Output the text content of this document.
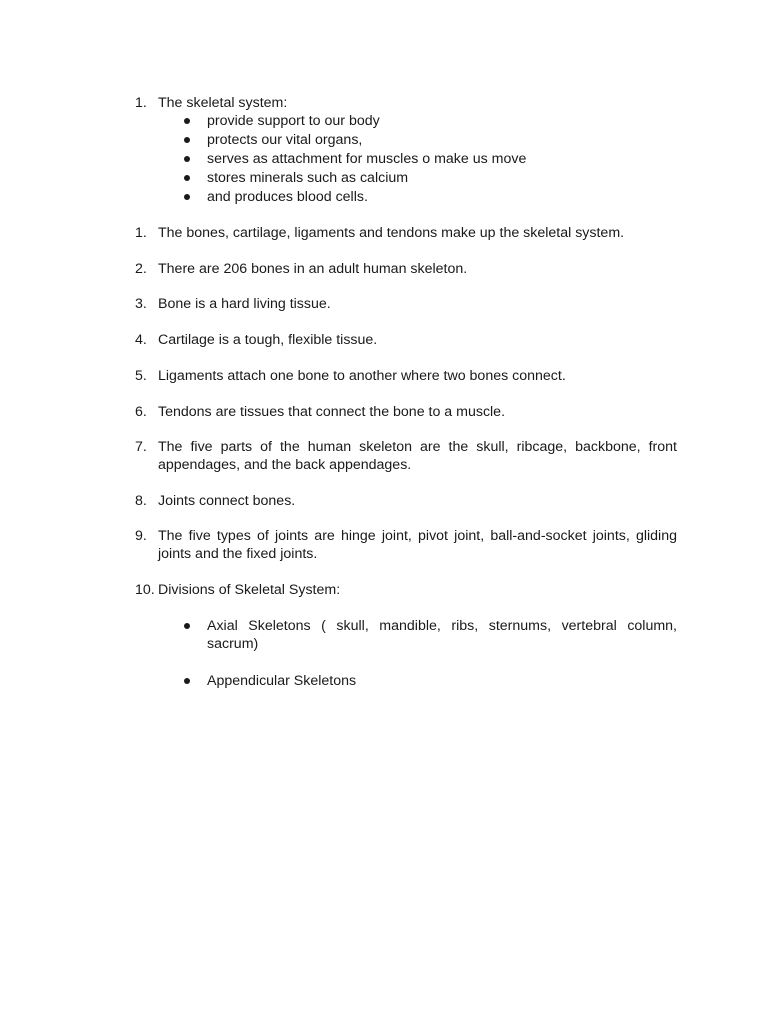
1. The skeletal system:
provide support to our body
protects our vital organs,
serves as attachment for muscles o make us move
stores minerals such as calcium
and produces blood cells.
1. The bones, cartilage, ligaments and tendons make up the skeletal system.
2. There are 206 bones in an adult human skeleton.
3. Bone is a hard living tissue.
4. Cartilage is a tough, flexible tissue.
5. Ligaments attach one bone to another where two bones connect.
6. Tendons are tissues that connect the bone to a muscle.
7. The five parts of the human skeleton are the skull, ribcage, backbone, front appendages, and the back appendages.
8. Joints connect bones.
9. The five types of joints are hinge joint, pivot joint, ball-and-socket joints, gliding joints and the fixed joints.
10. Divisions of Skeletal System:
Axial Skeletons ( skull, mandible, ribs, sternums, vertebral column, sacrum)
Appendicular Skeletons
